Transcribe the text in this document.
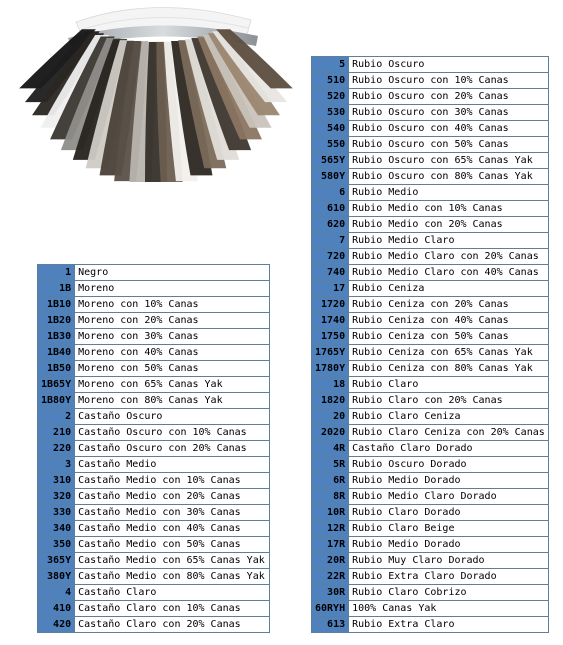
1	Negro
1B	Moreno
1B10	Moreno con 10% Canas
1B20	Moreno con 20% Canas
1B30	Moreno con 30% Canas
1B40	Moreno con 40% Canas
1B50	Moreno con 50% Canas
1B65Y	Moreno con 65% Canas Yak
1B80Y	Moreno con 80% Canas Yak
2	Castaño Oscuro
210	Castaño Oscuro con 10% Canas
220	Castaño Oscuro con 20% Canas
3	Castaño Medio
310	Castaño Medio con 10% Canas
320	Castaño Medio con 20% Canas
330	Castaño Medio con 30% Canas
340	Castaño Medio con 40% Canas
350	Castaño Medio con 50% Canas
365Y	Castaño Medio con 65% Canas Yak
380Y	Castaño Medio con 80% Canas Yak
4	Castaño Claro
410	Castaño Claro con 10% Canas
420	Castaño Claro con 20% Canas
5	Rubio Oscuro
510	Rubio Oscuro con 10% Canas
520	Rubio Oscuro con 20% Canas
530	Rubio Oscuro con 30% Canas
540	Rubio Oscuro con 40% Canas
550	Rubio Oscuro con 50% Canas
565Y	Rubio Oscuro con 65% Canas Yak
580Y	Rubio Oscuro con 80% Canas Yak
6	Rubio Medio
610	Rubio Medio con 10% Canas
620	Rubio Medio con 20% Canas
7	Rubio Medio Claro
720	Rubio Medio Claro con 20% Canas
740	Rubio Medio Claro con 40% Canas
17	Rubio Ceniza
1720	Rubio Ceniza con 20% Canas
1740	Rubio Ceniza con 40% Canas
1750	Rubio Ceniza con 50% Canas
1765Y	Rubio Ceniza con 65% Canas Yak
1780Y	Rubio Ceniza con 80% Canas Yak
18	Rubio Claro
1820	Rubio Claro con 20% Canas
20	Rubio Claro Ceniza
2020	Rubio Claro Ceniza con 20% Canas
4R	Castaño Claro Dorado
5R	Rubio Oscuro Dorado
6R	Rubio Medio Dorado
8R	Rubio Medio Claro Dorado
10R	Rubio Claro Dorado
12R	Rubio Claro Beige
17R	Rubio Medio Dorado
20R	Rubio Muy Claro Dorado
22R	Rubio Extra Claro Dorado
30R	Rubio Claro Cobrizo
60RYH	100% Canas Yak
613	Rubio Extra Claro
